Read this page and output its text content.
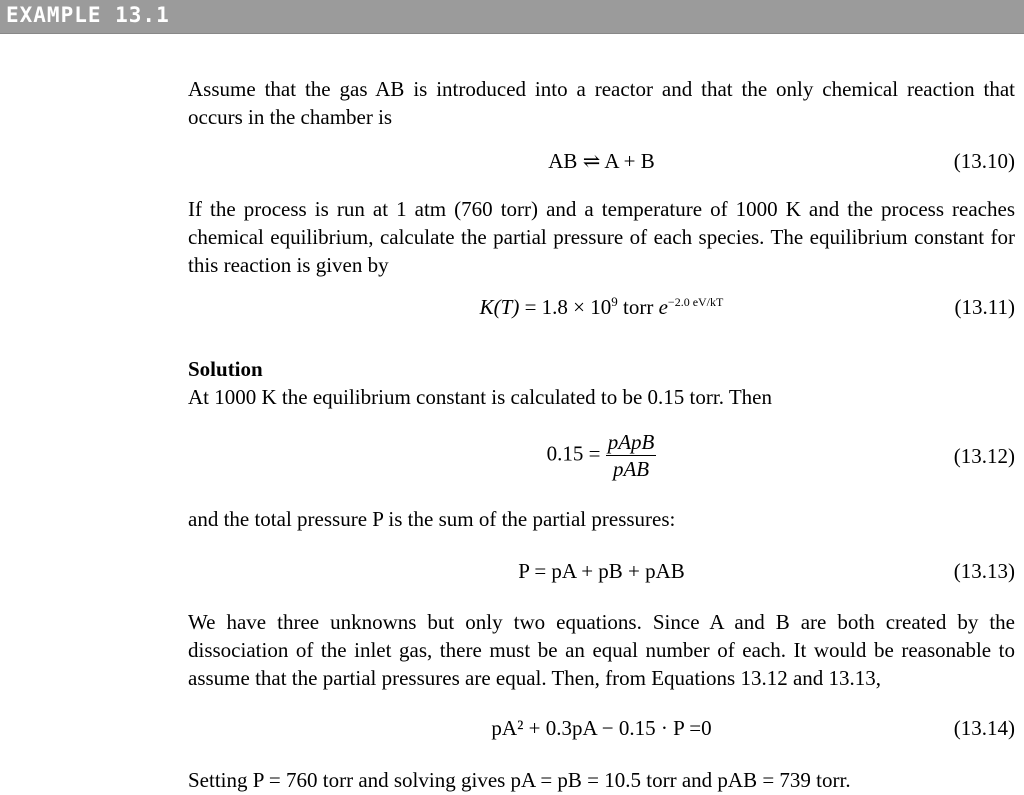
EXAMPLE 13.1
Assume that the gas AB is introduced into a reactor and that the only chemical reaction that occurs in the chamber is
AB ⇌ A + B	(13.10)
If the process is run at 1 atm (760 torr) and a temperature of 1000 K and the process reaches chemical equilibrium, calculate the partial pressure of each species. The equilibrium constant for this reaction is given by
$K(T) = 1.8 \times 10^9$ torr $e^{-2.0 eV/kT}$	(13.11)
Solution
At 1000 K the equilibrium constant is calculated to be 0.15 torr. Then
$0.15 = \frac{\text{pApB}}{\text{pAB}}$	(13.12)
and the total pressure P is the sum of the partial pressures:
P = pA + pB + pAB	(13.13)
We have three unknowns but only two equations. Since A and B are both created by the dissociation of the inlet gas, there must be an equal number of each. It would be reasonable to assume that the partial pressures are equal. Then, from Equations 13.12 and 13.13,
pA² + 0.3pA − 0.15 · P =0	(13.14)
Setting P = 760 torr and solving gives pA = pB = 10.5 torr and pAB = 739 torr.
